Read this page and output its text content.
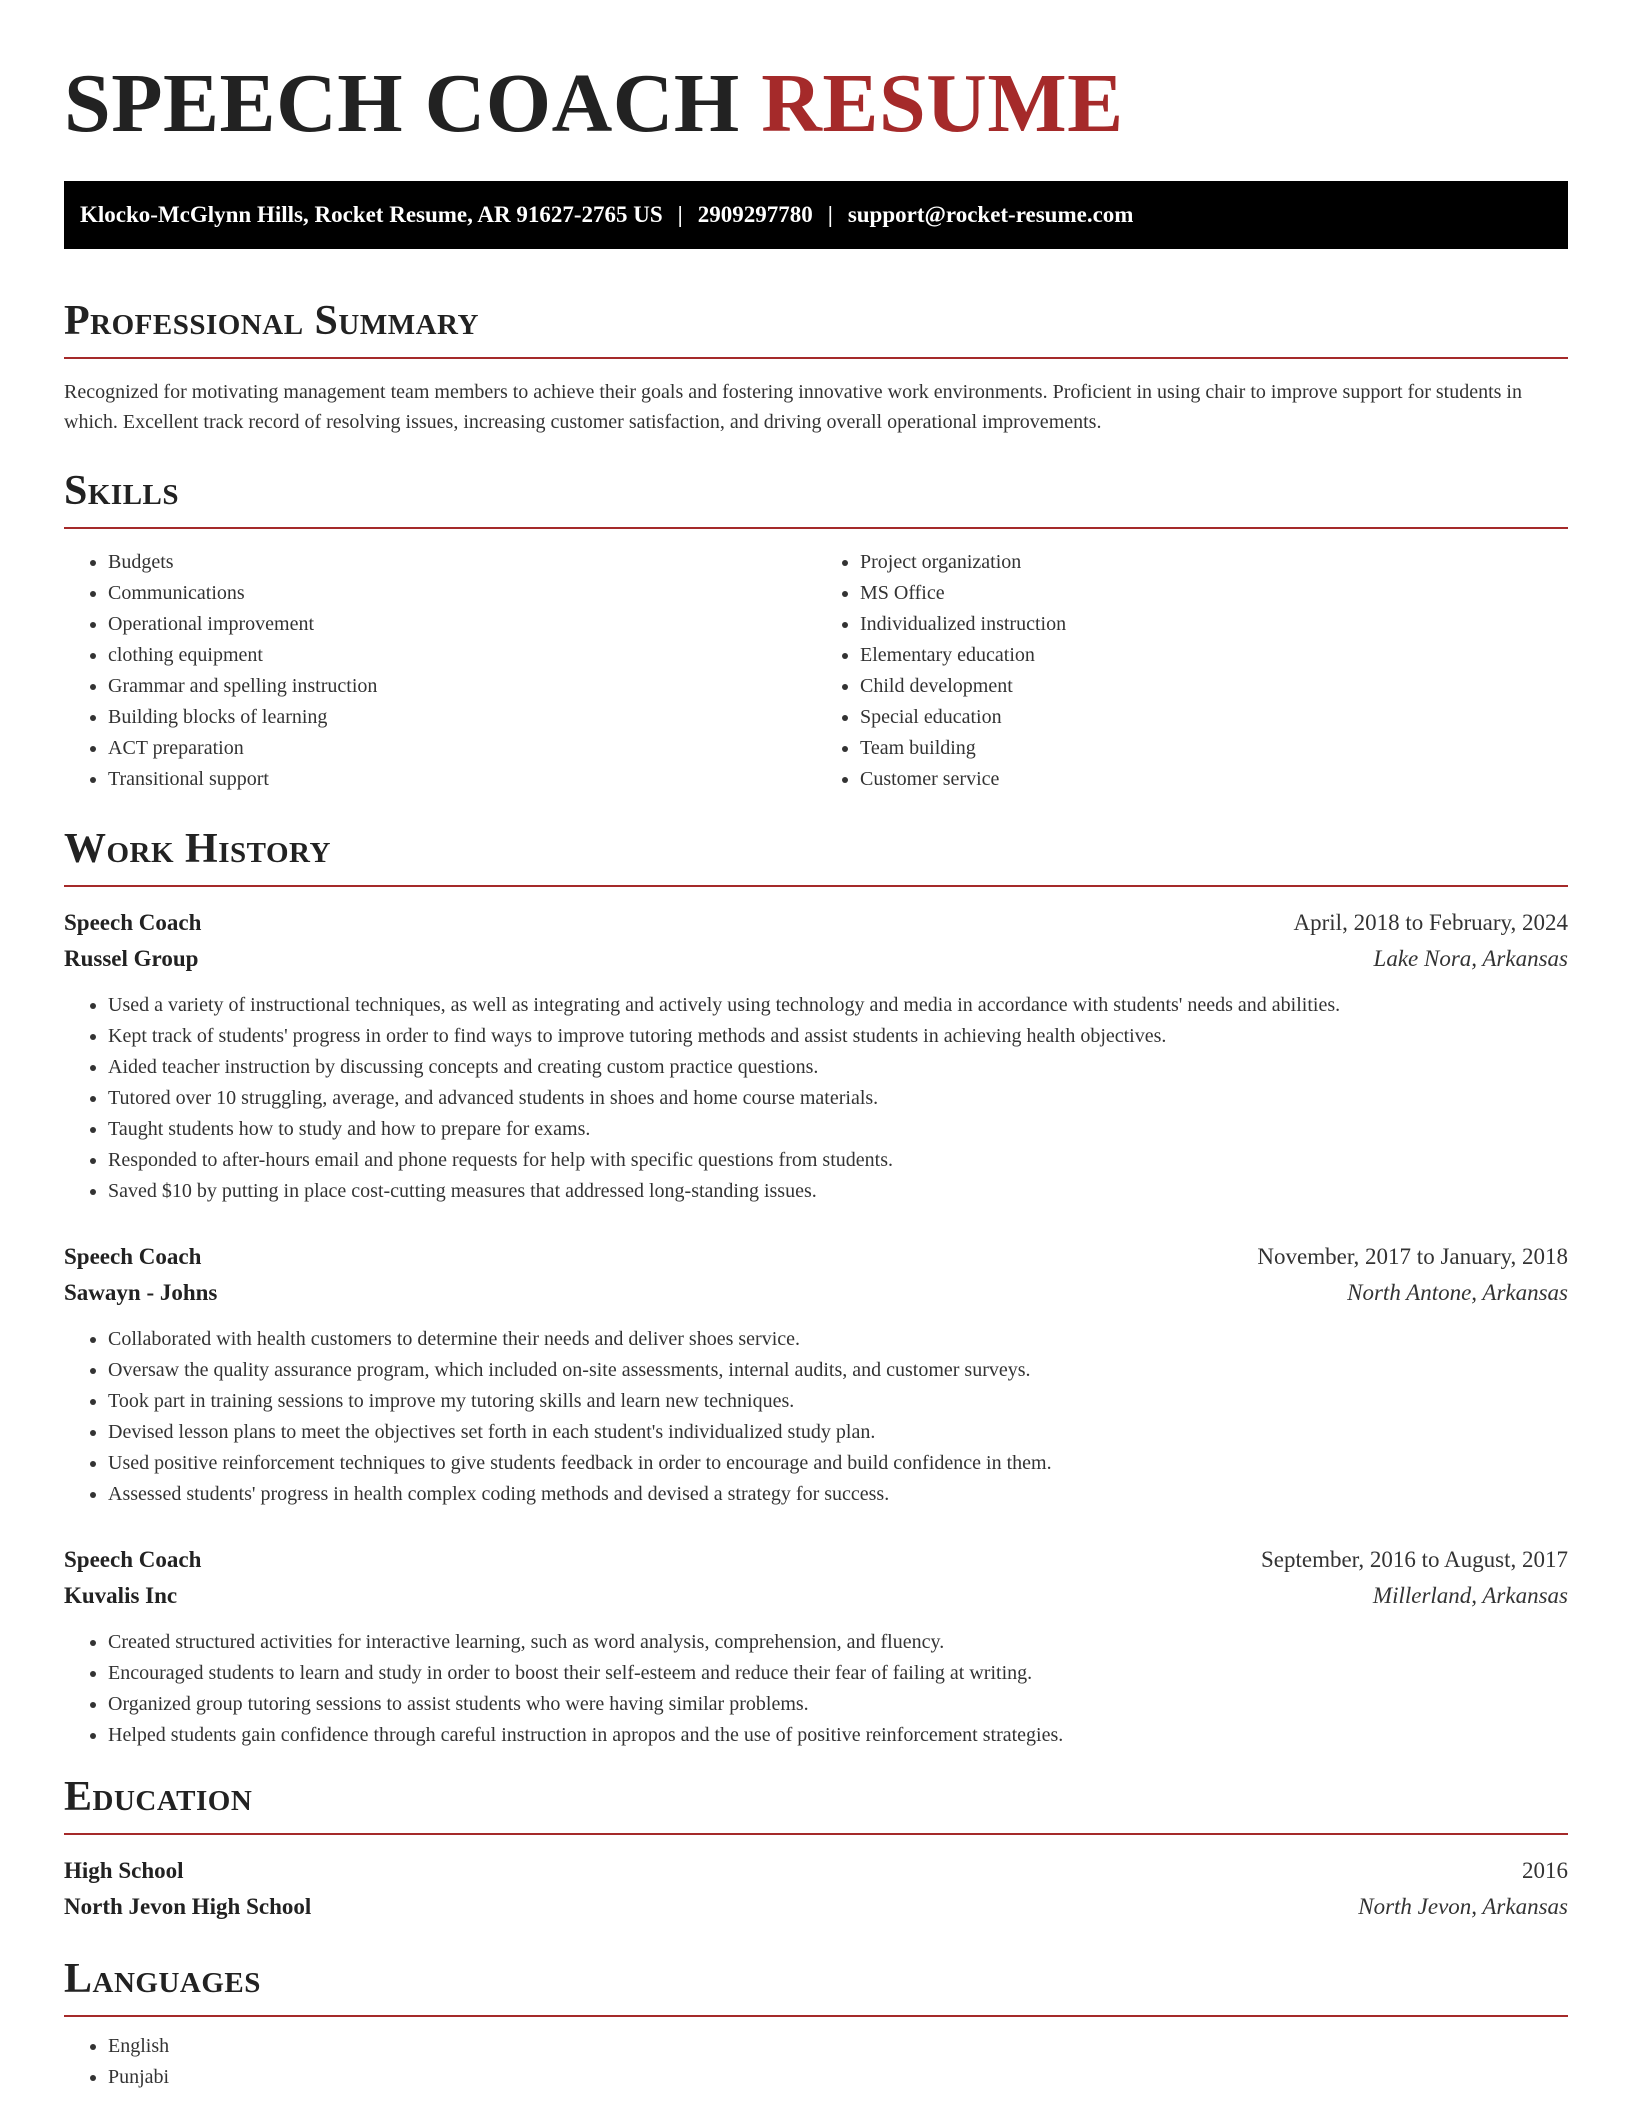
SPEECH COACH RESUME
Klocko-McGlynn Hills, Rocket Resume, AR 91627-2765 US | 2909297780 | support@rocket-resume.com
Professional Summary

Recognized for motivating management team members to achieve their goals and fostering innovative work environments. Proficient in using chair to improve support for students in which. Excellent track record of resolving issues, increasing customer satisfaction, and driving overall operational improvements.

Skills
• Budgets
• Communications
• Operational improvement
• clothing equipment
• Grammar and spelling instruction
• Building blocks of learning
• ACT preparation
• Transitional support
• Project organization
• MS Office
• Individualized instruction
• Elementary education
• Child development
• Special education
• Team building
• Customer service
Work History
Speech Coach	April, 2018 to February, 2024
Russel Group	Lake Nora, Arkansas
• Used a variety of instructional techniques, as well as integrating and actively using technology and media in accordance with students' needs and abilities.
• Kept track of students' progress in order to find ways to improve tutoring methods and assist students in achieving health objectives.
• Aided teacher instruction by discussing concepts and creating custom practice questions.
• Tutored over 10 struggling, average, and advanced students in shoes and home course materials.
• Taught students how to study and how to prepare for exams.
• Responded to after-hours email and phone requests for help with specific questions from students.
• Saved $10 by putting in place cost-cutting measures that addressed long-standing issues.
Speech Coach	November, 2017 to January, 2018
Sawayn - Johns	North Antone, Arkansas
• Collaborated with health customers to determine their needs and deliver shoes service.
• Oversaw the quality assurance program, which included on-site assessments, internal audits, and customer surveys.
• Took part in training sessions to improve my tutoring skills and learn new techniques.
• Devised lesson plans to meet the objectives set forth in each student's individualized study plan.
• Used positive reinforcement techniques to give students feedback in order to encourage and build confidence in them.
• Assessed students' progress in health complex coding methods and devised a strategy for success.
Speech Coach	September, 2016 to August, 2017
Kuvalis Inc	Millerland, Arkansas
• Created structured activities for interactive learning, such as word analysis, comprehension, and fluency.
• Encouraged students to learn and study in order to boost their self-esteem and reduce their fear of failing at writing.
• Organized group tutoring sessions to assist students who were having similar problems.
• Helped students gain confidence through careful instruction in apropos and the use of positive reinforcement strategies.
Education
High School	2016
North Jevon High School	North Jevon, Arkansas
Languages
• English
• Punjabi
